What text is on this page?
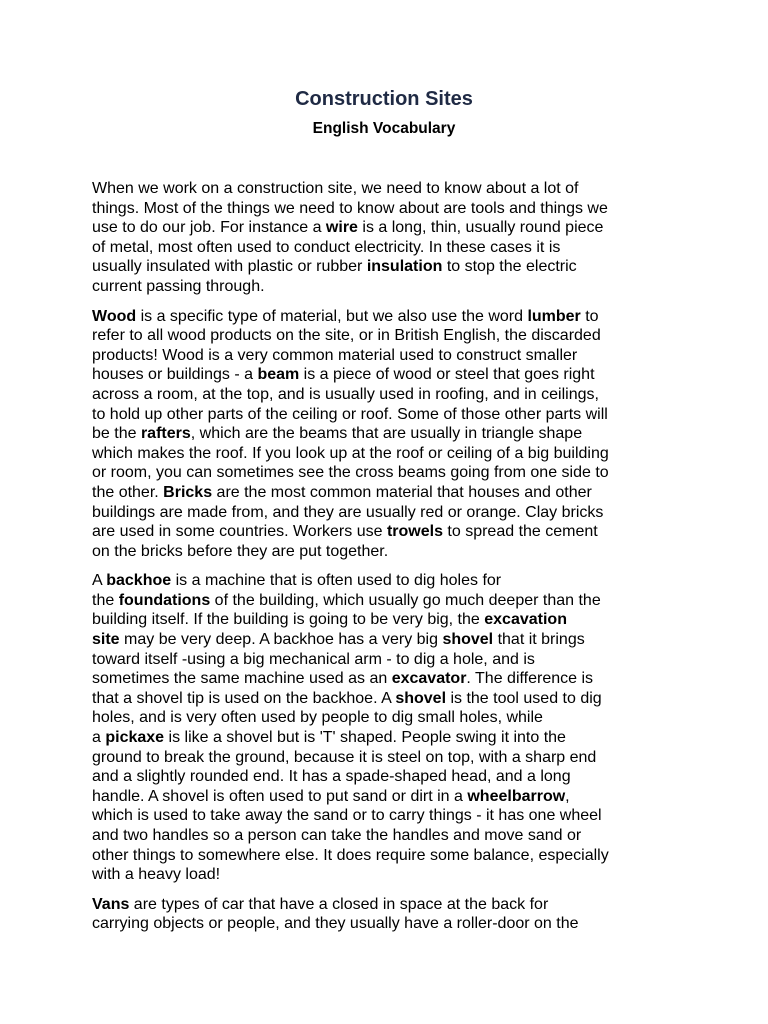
Construction Sites
English Vocabulary
When we work on a construction site, we need to know about a lot of
things. Most of the things we need to know about are tools and things we
use to do our job. For instance a wire is a long, thin, usually round piece
of metal, most often used to conduct electricity. In these cases it is
usually insulated with plastic or rubber insulation to stop the electric
current passing through.
Wood is a specific type of material, but we also use the word lumber to
refer to all wood products on the site, or in British English, the discarded
products! Wood is a very common material used to construct smaller
houses or buildings - a beam is a piece of wood or steel that goes right
across a room, at the top, and is usually used in roofing, and in ceilings,
to hold up other parts of the ceiling or roof. Some of those other parts will
be the rafters, which are the beams that are usually in triangle shape
which makes the roof. If you look up at the roof or ceiling of a big building
or room, you can sometimes see the cross beams going from one side to
the other. Bricks are the most common material that houses and other
buildings are made from, and they are usually red or orange. Clay bricks
are used in some countries. Workers use trowels to spread the cement
on the bricks before they are put together.
A backhoe is a machine that is often used to dig holes for
the foundations of the building, which usually go much deeper than the
building itself. If the building is going to be very big, the excavation
site may be very deep. A backhoe has a very big shovel that it brings
toward itself -using a big mechanical arm - to dig a hole, and is
sometimes the same machine used as an excavator. The difference is
that a shovel tip is used on the backhoe. A shovel is the tool used to dig
holes, and is very often used by people to dig small holes, while
a pickaxe is like a shovel but is 'T' shaped. People swing it into the
ground to break the ground, because it is steel on top, with a sharp end
and a slightly rounded end. It has a spade-shaped head, and a long
handle. A shovel is often used to put sand or dirt in a wheelbarrow,
which is used to take away the sand or to carry things - it has one wheel
and two handles so a person can take the handles and move sand or
other things to somewhere else. It does require some balance, especially
with a heavy load!
Vans are types of car that have a closed in space at the back for
carrying objects or people, and they usually have a roller-door on the
